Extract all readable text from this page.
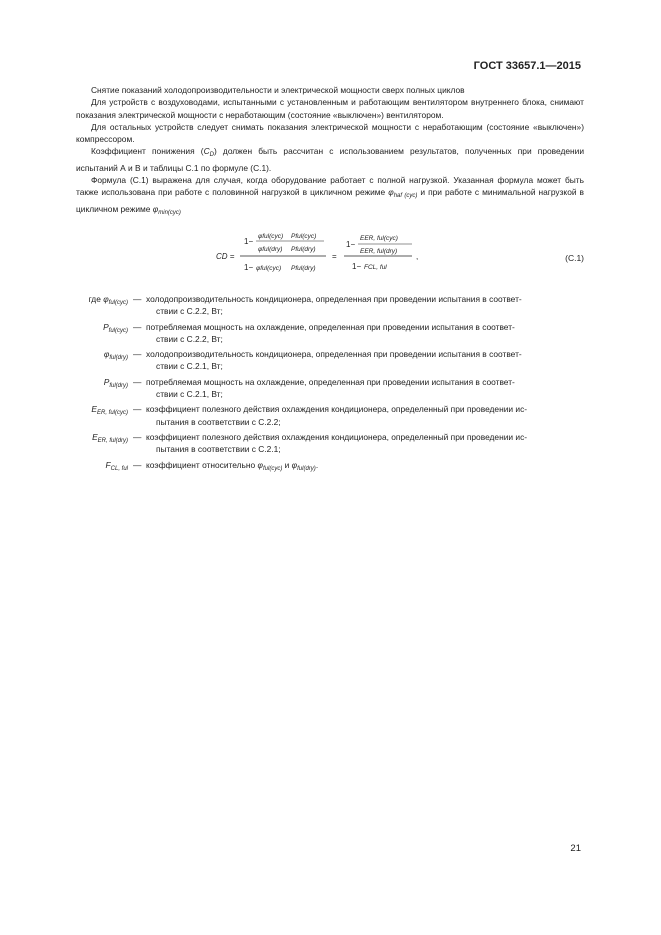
ГОСТ 33657.1—2015

Снятие показаний холодопроизводительности и электрической мощности сверх полных циклов

Для устройств с воздуховодами, испытанными с установленным и работающим вентилятором внутреннего блока, снимают показания электрической мощности с неработающим (состояние «выключен») вентилятором.

Для остальных устройств следует снимать показания электрической мощности с неработающим (состояние «выключен») компрессором.

Коэффициент понижения $(C_D)$ должен быть рассчитан с использованием результатов, полученных при проведении испытаний А и В и таблицы С.1 по формуле (С.1).

Формула (С.1) выражена для случая, когда оборудование работает с полной нагрузкой. Указанная формула может быть также использована при работе с половинной нагрузкой в цикличном режиме $\varphi_{haf (cyc)}$ и при работе с минимальной нагрузкой в цикличном режиме $\varphi_{min(cyc)}$

CD =
1−
φful(cyc) Pful(cyc)
φful(dry) Pful(dry)
1− φful(cyc) Pful(dry)
=
1−
EER, ful(cyc)
EER, ful(dry)
1− FCL, ful
,	(С.1)
где $\varphi_{ful(cyc)}$ — холодопроизводительность кондиционера, определенная при проведении испытания в соответ-
ствии с С.2.2, Вт;
$P_{ful(cyc)}$ — потребляемая мощность на охлаждение, определенная при проведении испытания в соответ-
ствии с С.2.2, Вт;
$\varphi_{ful(dry)}$ — холодопроизводительность кондиционера, определенная при проведении испытания в соответ-
ствии с С.2.1, Вт;
$P_{ful(dry)}$ — потребляемая мощность на охлаждение, определенная при проведении испытания в соответ-
ствии с С.2.1, Вт;
$E_{ER, ful(cyc)}$ — коэффициент полезного действия охлаждения кондиционера, определенный при проведении ис-
пытания в соответствии с С.2.2;
$E_{ER, ful(dry)}$ — коэффициент полезного действия охлаждения кондиционера, определенный при проведении ис-
пытания в соответствии с С.2.1;
$F_{CL, ful}$ — коэффициент относительно $\varphi_{ful(cyc)}$ и $\varphi_{ful(dry)}$.
21
